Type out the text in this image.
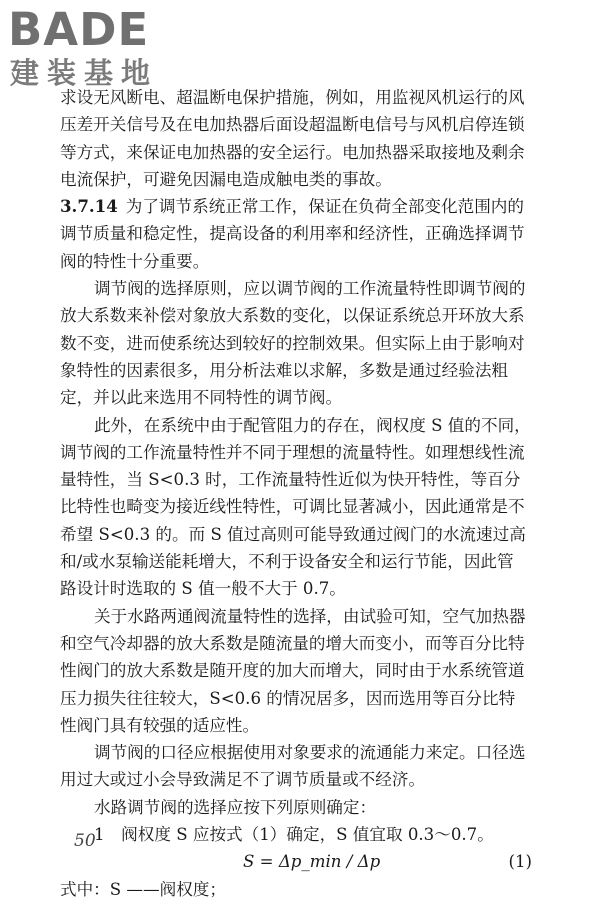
BADE
建装基地
求设无风断电、超温断电保护措施，例如，用监视风机运行的风
压差开关信号及在电加热器后面设超温断电信号与风机启停连锁
等方式，来保证电加热器的安全运行。电加热器采取接地及剩余
电流保护，可避免因漏电造成触电类的事故。
3.7.14 为了调节系统正常工作，保证在负荷全部变化范围内的
调节质量和稳定性，提高设备的利用率和经济性，正确选择调节
阀的特性十分重要。
调节阀的选择原则，应以调节阀的工作流量特性即调节阀的
放大系数来补偿对象放大系数的变化，以保证系统总开环放大系
数不变，进而使系统达到较好的控制效果。但实际上由于影响对
象特性的因素很多，用分析法难以求解，多数是通过经验法粗
定，并以此来选用不同特性的调节阀。
此外，在系统中由于配管阻力的存在，阀权度 S 值的不同，
调节阀的工作流量特性并不同于理想的流量特性。如理想线性流
量特性，当 S<0.3 时，工作流量特性近似为快开特性，等百分
比特性也畸变为接近线性特性，可调比显著减小，因此通常是不
希望 S<0.3 的。而 S 值过高则可能导致通过阀门的水流速过高
和/或水泵输送能耗增大，不利于设备安全和运行节能，因此管
路设计时选取的 S 值一般不大于 0.7。
关于水路两通阀流量特性的选择，由试验可知，空气加热器
和空气冷却器的放大系数是随流量的增大而变小，而等百分比特
性阀门的放大系数是随开度的加大而增大，同时由于水系统管道
压力损失往往较大，S<0.6 的情况居多，因而选用等百分比特
性阀门具有较强的适应性。
调节阀的口径应根据使用对象要求的流通能力来定。口径选
用过大或过小会导致满足不了调节质量或不经济。
水路调节阀的选择应按下列原则确定：
1　阀权度 S 应按式（1）确定，S 值宜取 0.3～0.7。
S = Δp_min / Δp	(1)
式中：S ——阀权度；
50
